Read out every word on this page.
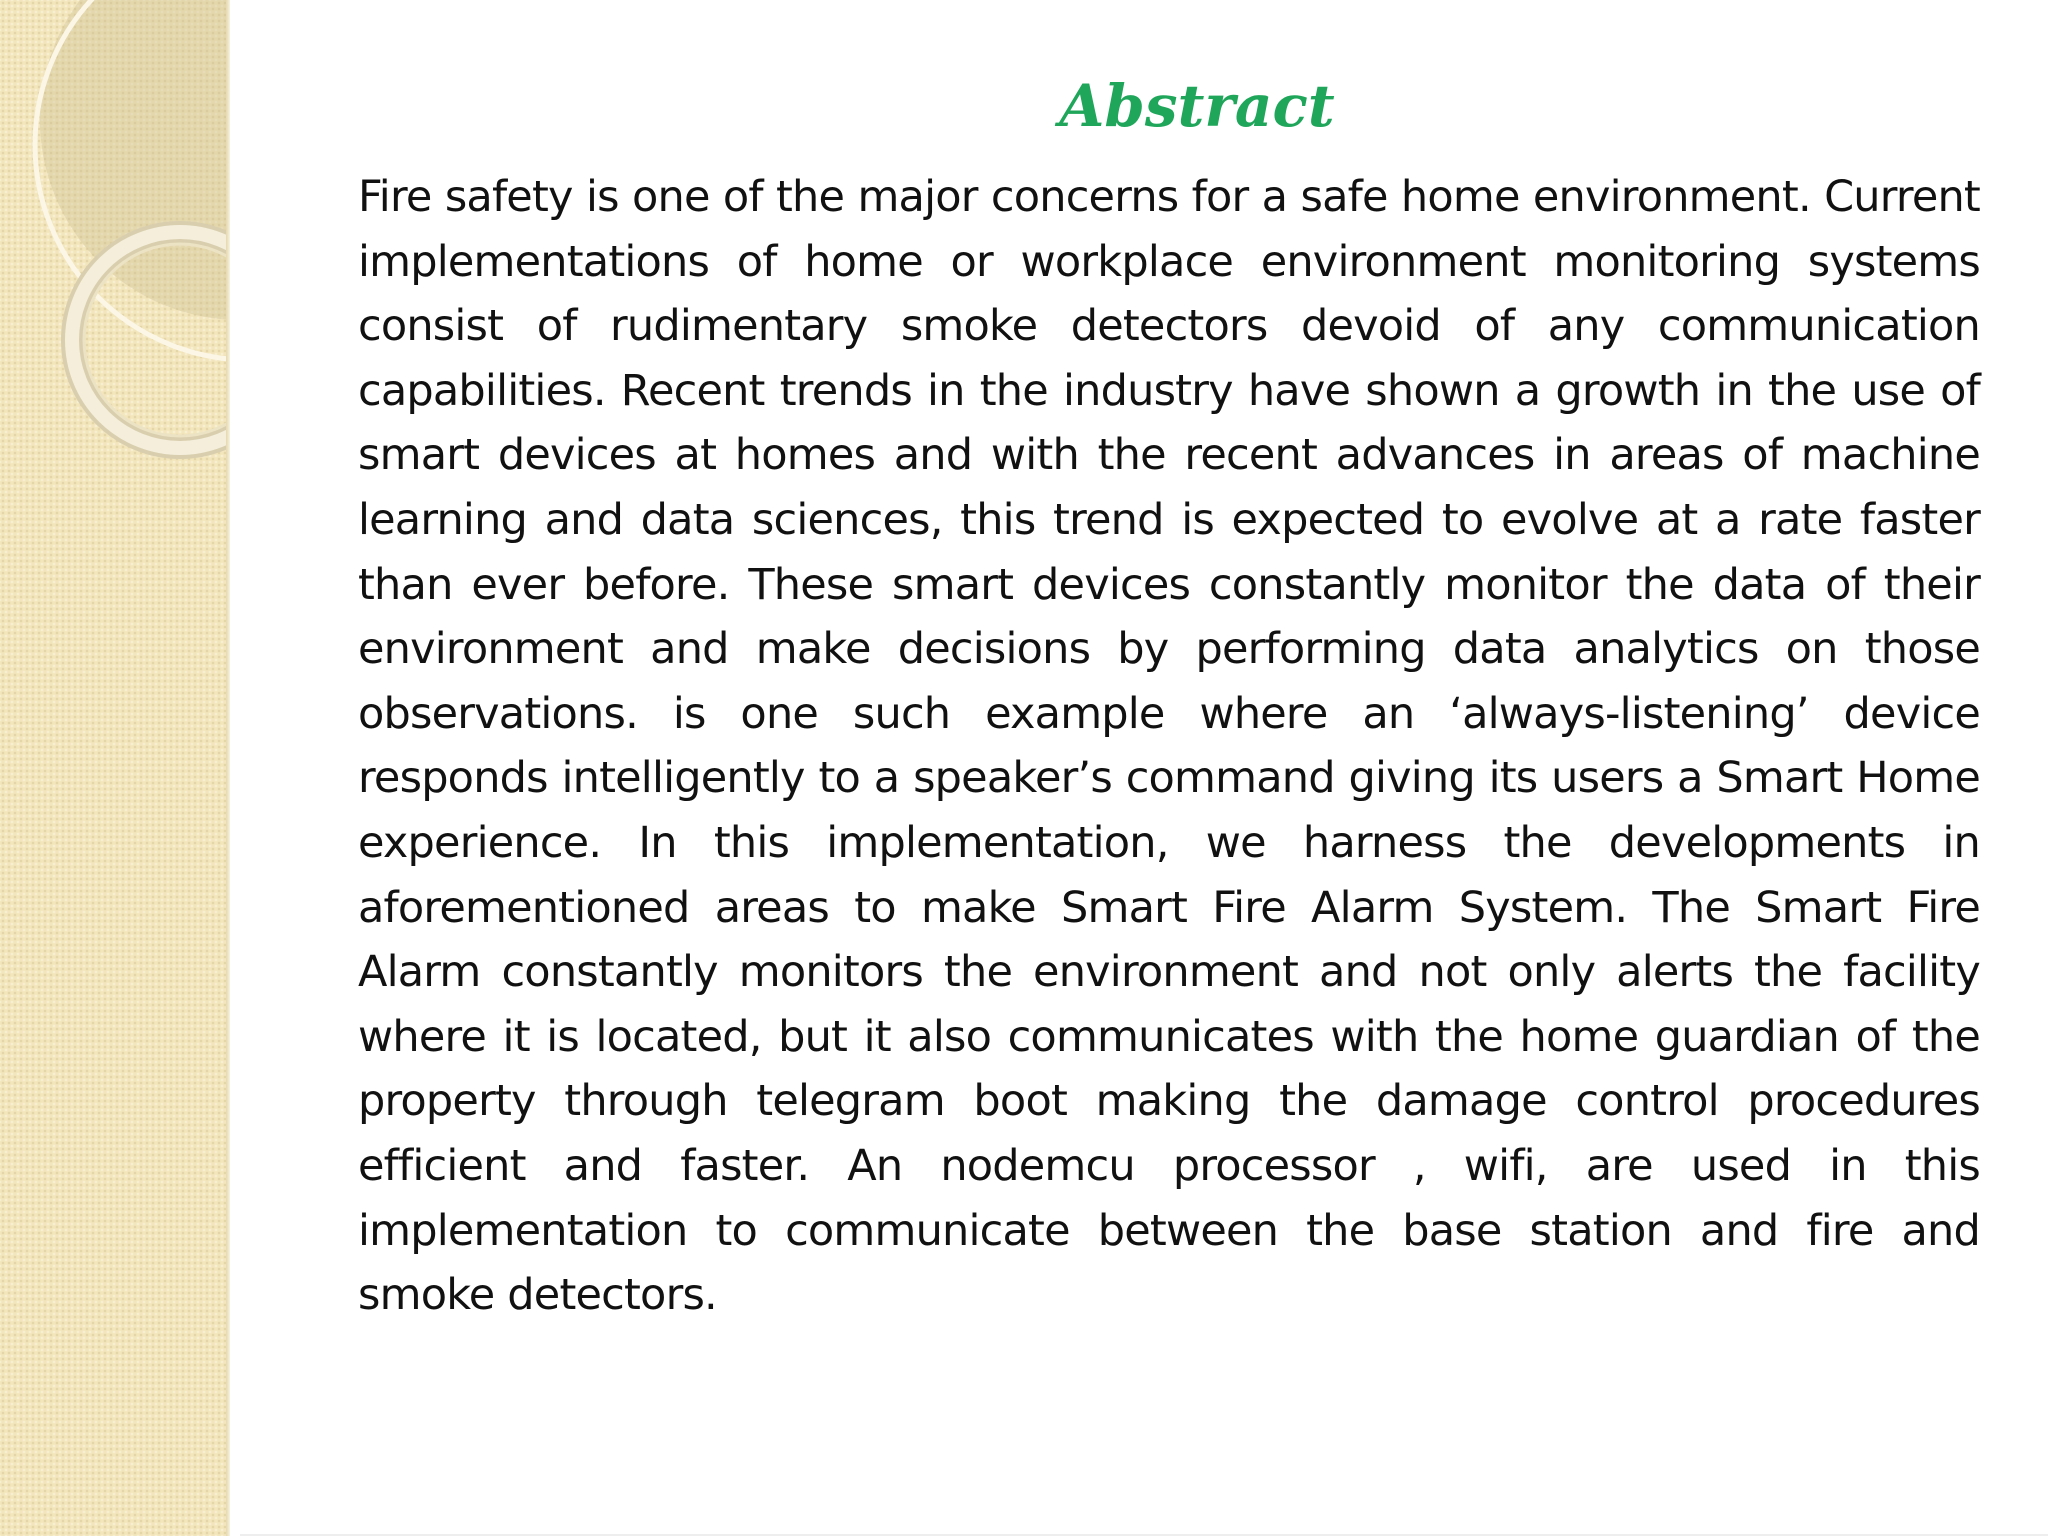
Abstract

Fire safety is one of the major concerns for a safe home environment. Current implementations of home or workplace environment monitoring systems consist of rudimentary smoke detectors devoid of any communication capabilities. Recent trends in the industry have shown a growth in the use of smart devices at homes and with the recent advances in areas of machine learning and data sciences, this trend is expected to evolve at a rate faster than ever before. These smart devices constantly monitor the data of their environment and make decisions by performing data analytics on those observations. is one such example where an ‘always-listening’ device responds intelligently to a speaker’s command giving its users a Smart Home experience. In this implementation, we harness the developments in aforementioned areas to make Smart Fire Alarm System. The Smart Fire Alarm constantly monitors the environment and not only alerts the facility where it is located, but it also communicates with the home guardian of the property through telegram boot making the damage control procedures efficient and faster. An nodemcu processor , wifi, are used in this implementation to communicate between the base station and fire and smoke detectors.
